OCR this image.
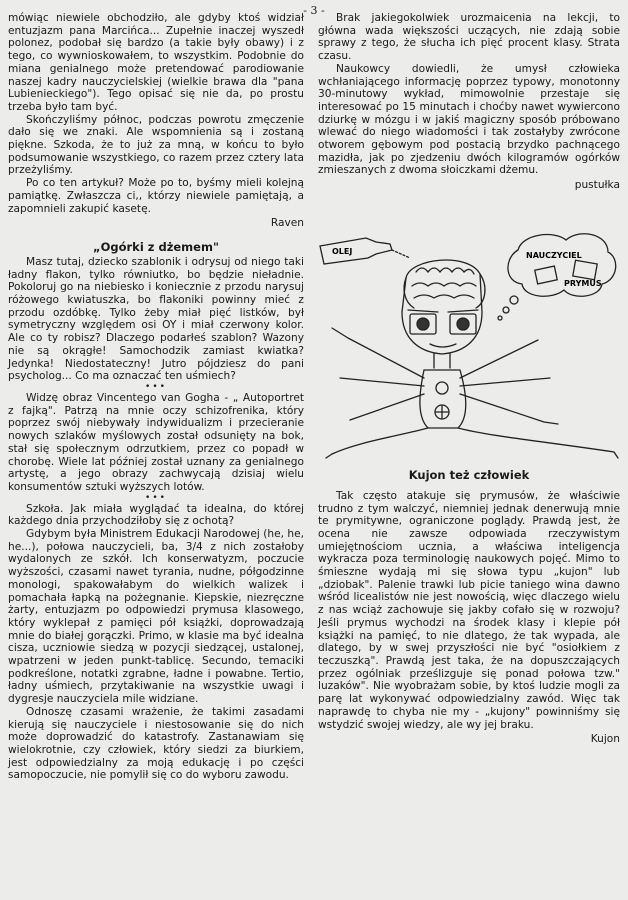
- 3 -

mówiąc niewiele obchodziło, ale gdyby ktoś widział entuzjazm pana Marcińca... Zupełnie inaczej wyszedł polonez, podobał się bardzo (a takie były obawy) i z tego, co wywnioskowałem, to wszystkim. Podobnie do miana genialnego może pretendować parodiowanie naszej kadry nauczycielskiej (wielkie brawa dla "pana Lubienieckiego"). Tego opisać się nie da, po prostu trzeba było tam być.

Skończyliśmy północ, podczas powrotu zmęczenie dało się we znaki. Ale wspomnienia są i zostaną piękne. Szkoda, że to już za mną, w końcu to było podsumowanie wszystkiego, co razem przez cztery lata przeżyliśmy.

Po co ten artykuł? Może po to, byśmy mieli kolejną pamiątkę. Zwłaszcza ci,, którzy niewiele pamiętają, a zapomnieli zakupić kasetę.

Raven

„Ogórki z dżemem"

Masz tutaj, dziecko szablonik i odrysuj od niego taki ładny flakon, tylko równiutko, bo będzie nieładnie. Pokoloruj go na niebiesko i koniecznie z przodu narysuj różowego kwiatuszka, bo flakoniki powinny mieć z przodu ozdóbkę. Tylko żeby miał pięć listków, był symetryczny względem osi OY i miał czerwony kolor. Ale co ty robisz? Dlaczego podarłeś szablon? Wazony nie są okrągłe! Samochodzik zamiast kwiatka? Jedynka! Niedostateczny! Jutro pójdziesz do pani psycholog... Co ma oznaczać ten uśmiech?

•••

Widzę obraz Vincentego van Gogha - „ Autoportret z fajką". Patrzą na mnie oczy schizofrenika, który poprzez swój niebywały indywidualizm i przecieranie nowych szlaków myślowych został odsunięty na bok, stał się społecznym odrzutkiem, przez co popadł w chorobę. Wiele lat później został uznany za genialnego artystę, a jego obrazy zachwycają dzisiaj wielu konsumentów sztuki wyższych lotów.

•••

Szkoła. Jak miała wyglądać ta idealna, do której każdego dnia przychodziłoby się z ochotą?

Gdybym była Ministrem Edukacji Narodowej (he, he, he...), połowa nauczycieli, ba, 3/4 z nich zostałoby wydalonych ze szkół. Ich konserwatyzm, poczucie wyższości, czasami nawet tyrania, nudne, półgodzinne monologi, spakowałabym do wielkich walizek i pomachała łapką na pożegnanie. Kiepskie, niezręczne żarty, entuzjazm po odpowiedzi prymusa klasowego, który wyklepał z pamięci pół książki, doprowadzają mnie do białej gorączki. Primo, w klasie ma być idealna cisza, uczniowie siedzą w pozycji siedzącej, ustalonej, wpatrzeni w jeden punkt-tablicę. Secundo, temaciki podkreślone, notatki zgrabne, ładne i powabne. Tertio, ładny uśmiech, przytakiwanie na wszystkie uwagi i dygresje nauczyciela mile widziane.

Odnoszę czasami wrażenie, że takimi zasadami kierują się nauczyciele i niestosowanie się do nich może doprowadzić do katastrofy. Zastanawiam się wielokrotnie, czy człowiek, który siedzi za biurkiem, jest odpowiedzialny za moją edukację i po części samopoczucie, nie pomylił się co do wyboru zawodu.

Brak jakiegokolwiek urozmaicenia na lekcji, to główna wada większości uczących, nie zdają sobie sprawy z tego, że słucha ich pięć procent klasy. Strata czasu.

Naukowcy dowiedli, że umysł człowieka wchłaniającego informację poprzez typowy, monotonny 30-minutowy wykład, mimowolnie przestaje się interesować po 15 minutach i choćby nawet wywiercono dziurkę w mózgu i w jakiś magiczny sposób próbowano wlewać do niego wiadomości i tak zostałyby zwrócone otworem gębowym pod postacią brzydko pachnącego mazidła, jak po zjedzeniu dwóch kilogramów ogórków zmieszanych z dwoma słoiczkami dżemu.

pustułka

OLEJ	NAUCZYCIEL
PRYMUS
Kujon też człowiek

Tak często atakuje się prymusów, że właściwie trudno z tym walczyć, niemniej jednak denerwują mnie te prymitywne, ograniczone poglądy. Prawdą jest, że ocena nie zawsze odpowiada rzeczywistym umiejętnościom ucznia, a właściwa inteligencja wykracza poza terminologię naukowych pojęć. Mimo to śmieszne wydają mi się słowa typu „kujon" lub „dziobak". Palenie trawki lub picie taniego wina dawno wśród licealistów nie jest nowością, więc dlaczego wielu z nas wciąż zachowuje się jakby cofało się w rozwoju? Jeśli prymus wychodzi na środek klasy i klepie pół książki na pamięć, to nie dlatego, że tak wypada, ale dlatego, by w swej przyszłości nie być "osiołkiem z teczuszką". Prawdą jest taka, że na dopuszczających przez ogólniak prześlizguje się ponad połowa tzw." luzaków". Nie wyobrażam sobie, by ktoś ludzie mogli za parę lat wykonywać odpowiedzialny zawód. Więc tak naprawdę to chyba nie my - „kujony" powinniśmy się wstydzić swojej wiedzy, ale wy jej braku.

Kujon
